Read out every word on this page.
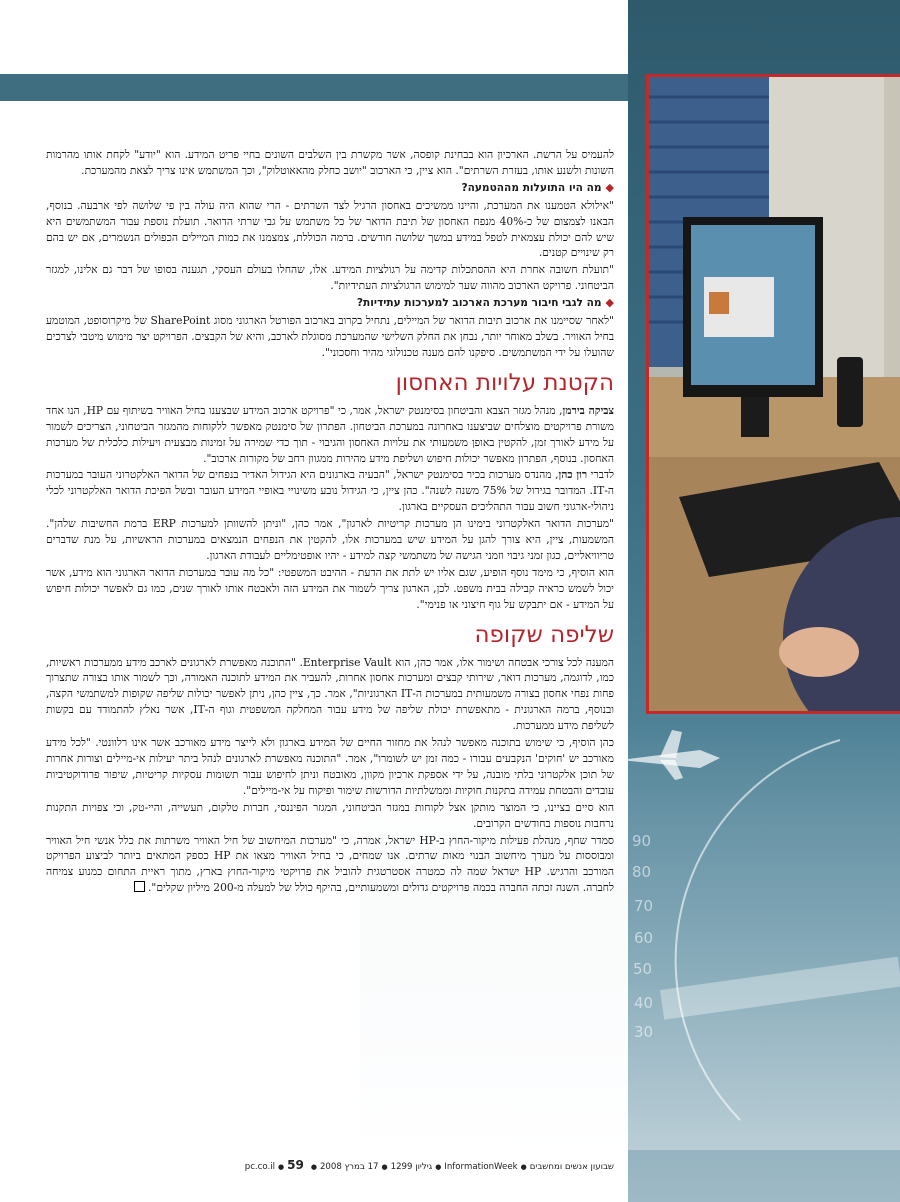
90
80
70
60
50
40
30

להעמיס על הרשת. הארכיון הוא בבחינת קופסה, אשר מקשרת בין השלבים השונים בחיי פריט המידע. הוא "יודע" לקחת אותו מהרמות השונות ולשנע אותו, בעזרת השרתים". הוא ציין, כי הארכוב "יושב כחלק מהאאוטלוק", וכך המשתמש אינו צריך לצאת מהמערכת.

◆מה היו התועלות מההטמעה?

"אילולא הטמענו את המערכת, והיינו ממשיכים באחסון הרגיל לצד השרתים - הרי שהוא היה עולה בין פי שלושה לפי ארבעה. בנוסף, הבאנו לצמצום של כ-40% מנפח האחסון של תיבת הדואר של כל משתמש על גבי שרתי הדואר. תועלת נוספת עבור המשתמשים היא שיש להם יכולת עצמאית לטפל במידע במשך שלושה חודשים. ברמה הכוללת, צמצמנו את כמות המיילים הכפולים הנשמרים, אם יש בהם רק שינויים קטנים.

"תועלת חשובה אחרת היא ההסתכלות קדימה על רגולציות המידע. אלו, שהחלו בעולם העסקי, תגענה בסופו של דבר גם אלינו, למגזר הביטחוני. פרויקט הארכוב מהווה שער למימוש הרגולציות העתידיות".

◆מה לגבי חיבור מערכת הארכוב למערכות עתידיות?

"לאחר שסיימנו את ארכוב תיבות הדואר של המיילים, נתחיל בקרוב בארכוב הפורטל הארגוני מסוג SharePoint של מיקרוסופט, המוטמע בחיל האוויר. בשלב מאוחר יותר, נבחן את החלק השלישי שהמערכת מסוגלת לארכב, והיא של הקבצים. הפרויקט יצר מימוש מיטבי לצרכים שהועלו על ידי המשתמשים. סיפקנו להם מענה טכנולוגי מהיר וחסכוני".

הקטנת עלויות האחסון

צביקה בירמן, מנהל מגזר הצבא והביטחון בסימנטק ישראל, אמר, כי "פרויקט ארכוב המידע שבצענו בחיל האוויר בשיתוף עם HP, הנו אחד משורת פרויקטים מוצלחים שביצענו באחרונה במערכת הביטחון. הפתרון של סימנטק מאפשר ללקוחות מהמגזר הביטחוני, הצריכים לשמור על מידע לאורך זמן, להקטין באופן משמעותי את עלויות האחסון והגיבוי - תוך כדי שמירה על זמינות מבצעית ויעילות כלכלית של מערכות האחסון. בנוסף, הפתרון מאפשר יכולות חיפוש ושליפת מידע מהירות ממגוון רחב של מקורות ארכוב".

לדברי רון כהן, מהנדס מערכות בכיר בסימנטק ישראל, "הבעיה בארגונים היא הגידול האדיר בנפחים של הדואר האלקטרוני העובר במערכות ה-IT. המדובר בגידול של 75% משנה לשנה". כהן ציין, כי הגידול נובע משינויי באופיי המידע העובר ובשל הפיכת הדואר האלקטרוני לכלי ניהולי-ארגוני חשוב עבור התהליכים העסקיים בארגון.

"מערכות הדואר האלקטרוני בימינו הן מערכות קריטיות לארגון", אמר כהן, "וניתן להשוותן למערכות ERP ברמת החשיבות שלהן". המשמעות, ציין, היא צורך להגן על המידע שיש במערכות אלו, להקטין את הנפחים הנמצאים במערכות הראשיות, על מנת שדברים טריוויאליים, כגון זמני גיבוי וזמני הגישה של משתמשי קצה למידע - יהיו אופטימליים לעבודת הארגון.

הוא הוסיף, כי מימד נוסף הופיע, שגם אליו יש לתת את הדעת - ההיבט המשפטי: "כל מה עובר במערכות הדואר הארגוני הוא מידע, אשר יכול לשמש כראיה קבילה בבית משפט. לכן, הארגון צריך לשמור את המידע הזה ולאבטח אותו לאורך שנים, כמו גם לאפשר יכולות חיפוש על המידע - אם יתבקש על גוף חיצוני או פנימי".

שליפה שקופה

המענה לכל צורכי אבטחה ושימור אלו, אמר כהן, הוא Enterprise Vault. "התוכנה מאפשרת לארגונים לארכב מידע ממערכות ראשיות, כמו, לדוגמה, מערכות דואר, שירותי קבצים ומערכות אחסון אחרות, להעביר את המידע לתוכנה האמורה, וכך לשמור אותו בצורה שתצרוך פחות נפחי אחסון בצורה משמעותית במערכות ה-IT הארגוניות", אמר. כך, ציין כהן, ניתן לאפשר יכולות שליפה שקופות למשתמשי הקצה, ובנוסף, ברמה הארגונית - מתאפשרת יכולת שליפה של מידע עבור המחלקה המשפטית וגוף ה-IT, אשר נאלץ להתמודד עם בקשות לשליפת מידע ממערכות.

כהן הוסיף, כי שימוש בתוכנה מאפשר לנהל את מחזור החיים של המידע בארגון ולא לייצר מידע מאורכב אשר אינו רלוונטי. "לכל מידע מאורכב יש 'חוקים' הנקבעים עבורו - כמה זמן יש לשומרו", אמר. "התוכנה מאפשרת לארגונים לנהל ביתר יעילות אי-מיילים וצורות אחרות של תוכן אלקטרוני בלתי מובנה, על ידי אספקת ארכיון מקוון, מאובטח וניתן לחיפוש עבור תשומות עסקיות קריטיות, שיפור פרודוקטיביות עובדים והבטחת עמידה בתקנות חוקיות וממשלתיות הדורשות שימור ופיקוח על אי-מיילים".

הוא סיים בציינו, כי המוצר מותקן אצל לקוחות במגזר הביטחוני, המגזר הפיננסי, חברות טלקום, תעשייה, והיי-טק, וכי צפויות התקנות נרחבות נוספות בחודשים הקרובים.

סמדר שחף, מנהלת פעילות מיקור-החוץ ב-HP ישראל, אמרה, כי "מערכות המיחשוב של חיל האוויר משרתות את כלל אנשי חיל האוויר ומבוססות על מערך מיחשוב הבנוי מאות שרתים. אנו שמחים, כי בחיל האוויר מצאו את HP כספק המתאים ביותר לביצוע הפרויקט המורכב והרגיש. HP ישראל שמה לה כמטרה אסטרטגית להוביל את פרויקטי מיקור-החוץ בארץ, מתוך ראיית התחום כמנוע צמיחה לחברה. השנה זכתה החברה בכמה פרויקטים גדולים ומשמעותיים, בהיקף כולל של למעלה מ-200 מיליון שקלים".

שבועון אנשים ומחשבים●InformationWeek●גיליון 1299●17 במרץ 2008●pc.co.il ● 59
